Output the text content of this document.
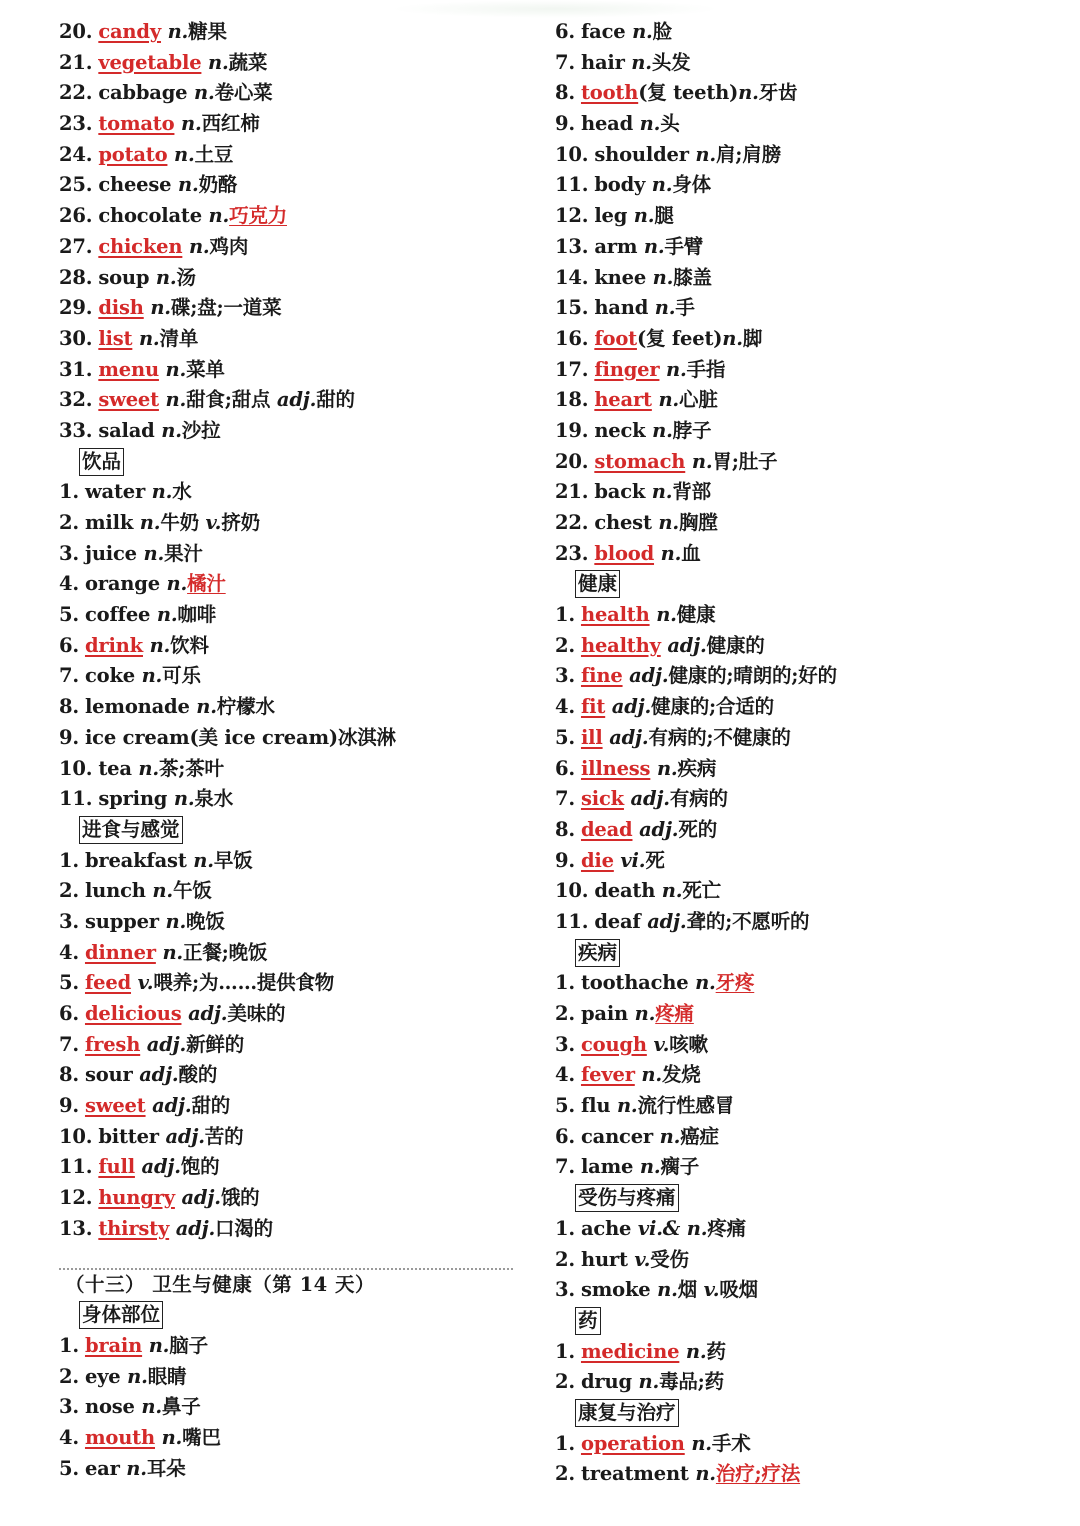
20. candy n.糖果
21. vegetable n.蔬菜
22. cabbage n.卷心菜
23. tomato n.西红柿
24. potato n.土豆
25. cheese n.奶酪
26. chocolate n.巧克力
27. chicken n.鸡肉
28. soup n.汤
29. dish n.碟;盘;一道菜
30. list n.清单
31. menu n.菜单
32. sweet n.甜食;甜点 adj.甜的
33. salad n.沙拉
饮品
1. water n.水
2. milk n.牛奶 v.挤奶
3. juice n.果汁
4. orange n.橘汁
5. coffee n.咖啡
6. drink n.饮料
7. coke n.可乐
8. lemonade n.柠檬水
9. ice cream(美 ice cream)冰淇淋
10. tea n.茶;茶叶
11. spring n.泉水
进食与感觉
1. breakfast n.早饭
2. lunch n.午饭
3. supper n.晚饭
4. dinner n.正餐;晚饭
5. feed v.喂养;为……提供食物
6. delicious adj.美味的
7. fresh adj.新鲜的
8. sour adj.酸的
9. sweet adj.甜的
10. bitter adj.苦的
11. full adj.饱的
12. hungry adj.饿的
13. thirsty adj.口渴的
（十三） 卫生与健康（第 14 天）
身体部位
1. brain n.脑子
2. eye n.眼睛
3. nose n.鼻子
4. mouth n.嘴巴
5. ear n.耳朵
6. face n.脸
7. hair n.头发
8. tooth(复 teeth)n.牙齿
9. head n.头
10. shoulder n.肩;肩膀
11. body n.身体
12. leg n.腿
13. arm n.手臂
14. knee n.膝盖
15. hand n.手
16. foot(复 feet)n.脚
17. finger n.手指
18. heart n.心脏
19. neck n.脖子
20. stomach n.胃;肚子
21. back n.背部
22. chest n.胸膛
23. blood n.血
健康
1. health n.健康
2. healthy adj.健康的
3. fine adj.健康的;晴朗的;好的
4. fit adj.健康的;合适的
5. ill adj.有病的;不健康的
6. illness n.疾病
7. sick adj.有病的
8. dead adj.死的
9. die vi.死
10. death n.死亡
11. deaf adj.聋的;不愿听的
疾病
1. toothache n.牙疼
2. pain n.疼痛
3. cough v.咳嗽
4. fever n.发烧
5. flu n.流行性感冒
6. cancer n.癌症
7. lame n.瘸子
受伤与疼痛
1. ache vi.& n.疼痛
2. hurt v.受伤
3. smoke n.烟 v.吸烟
药
1. medicine n.药
2. drug n.毒品;药
康复与治疗
1. operation n.手术
2. treatment n.治疗;疗法
